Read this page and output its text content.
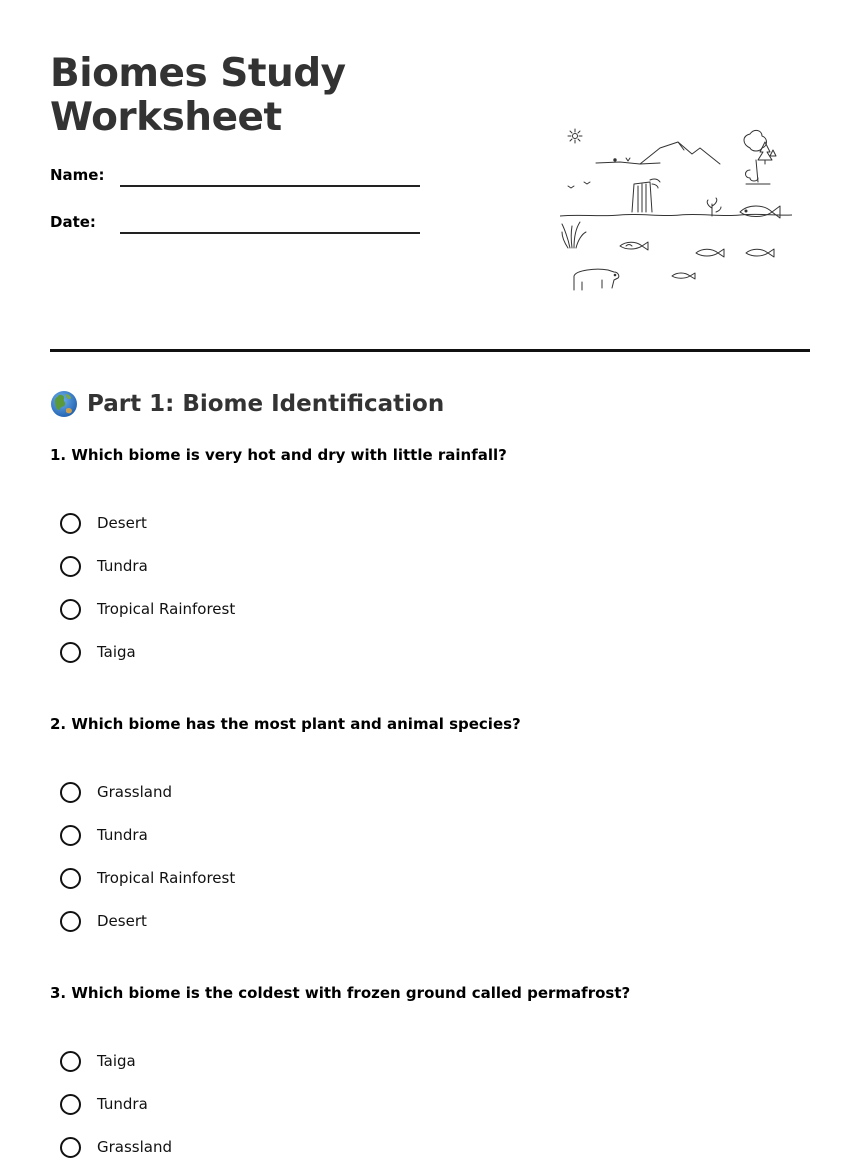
Biomes Study Worksheet
Name:
Date:
Part 1: Biome Identification

1. Which biome is very hot and dry with little rainfall?

Desert
Tundra
Tropical Rainforest
Taiga

2. Which biome has the most plant and animal species?

Grassland
Tundra
Tropical Rainforest
Desert

3. Which biome is the coldest with frozen ground called permafrost?

Taiga
Tundra
Grassland
